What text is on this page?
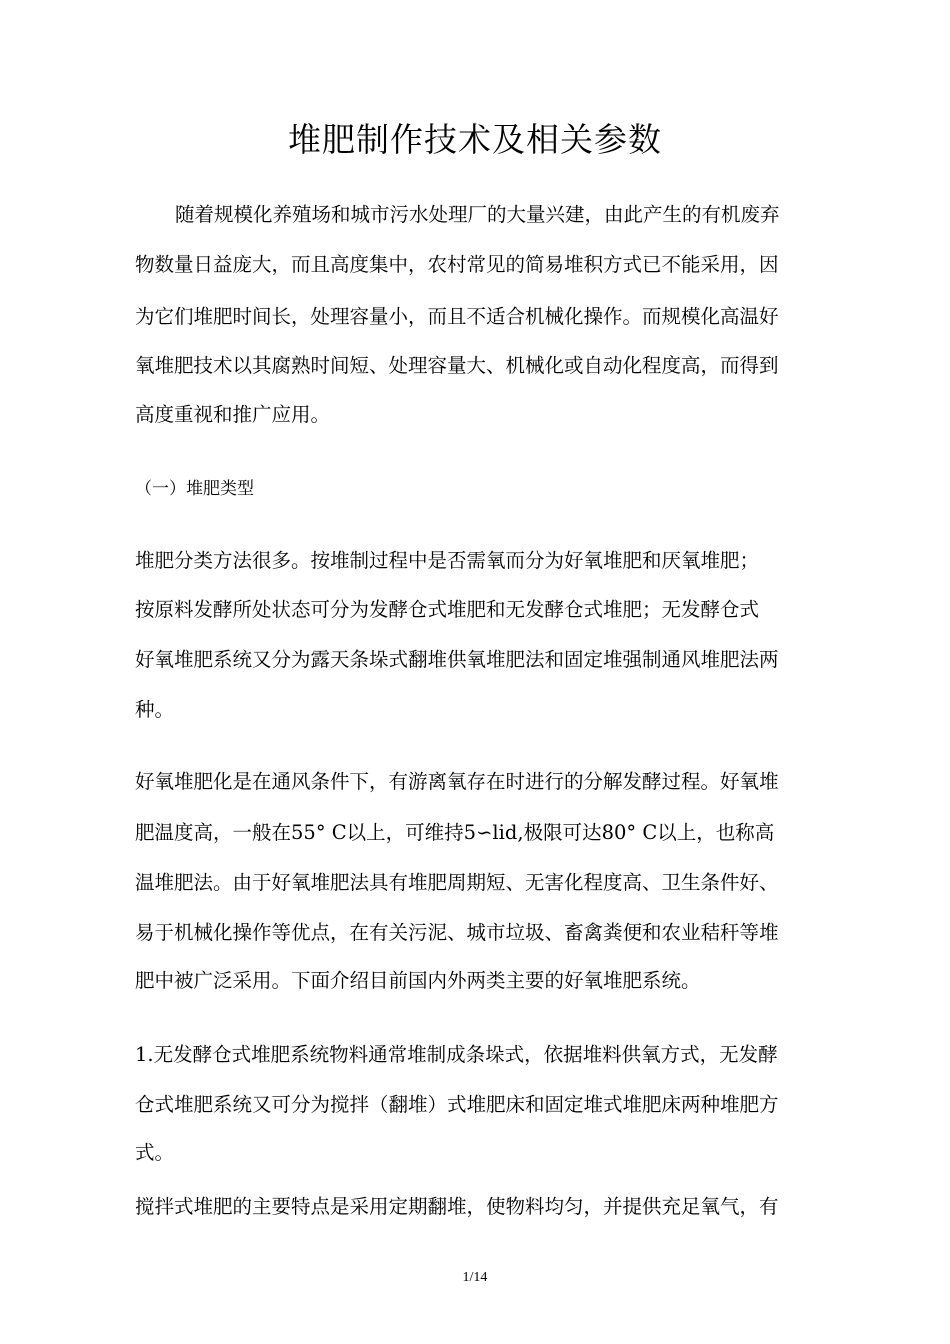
堆肥制作技术及相关参数
随着规模化养殖场和城市污水处理厂的大量兴建，由此产生的有机废弃
物数量日益庞大，而且高度集中，农村常见的简易堆积方式已不能采用，因
为它们堆肥时间长，处理容量小，而且不适合机械化操作。而规模化高温好
氧堆肥技术以其腐熟时间短、处理容量大、机械化或自动化程度高，而得到
高度重视和推广应用。
（一）堆肥类型
堆肥分类方法很多。按堆制过程中是否需氧而分为好氧堆肥和厌氧堆肥；
按原料发酵所处状态可分为发酵仓式堆肥和无发酵仓式堆肥；无发酵仓式
好氧堆肥系统又分为露天条垛式翻堆供氧堆肥法和固定堆强制通风堆肥法两
种。
好氧堆肥化是在通风条件下，有游离氧存在时进行的分解发酵过程。好氧堆
肥温度高，一般在55° C以上，可维持5∽lid,极限可达80° C以上，也称高
温堆肥法。由于好氧堆肥法具有堆肥周期短、无害化程度高、卫生条件好、
易于机械化操作等优点，在有关污泥、城市垃圾、畜禽粪便和农业秸秆等堆
肥中被广泛采用。下面介绍目前国内外两类主要的好氧堆肥系统。
1.无发酵仓式堆肥系统物料通常堆制成条垛式，依据堆料供氧方式，无发酵
仓式堆肥系统又可分为搅拌（翻堆）式堆肥床和固定堆式堆肥床两种堆肥方
式。
搅拌式堆肥的主要特点是采用定期翻堆，使物料均匀，并提供充足氧气，有
1/14
